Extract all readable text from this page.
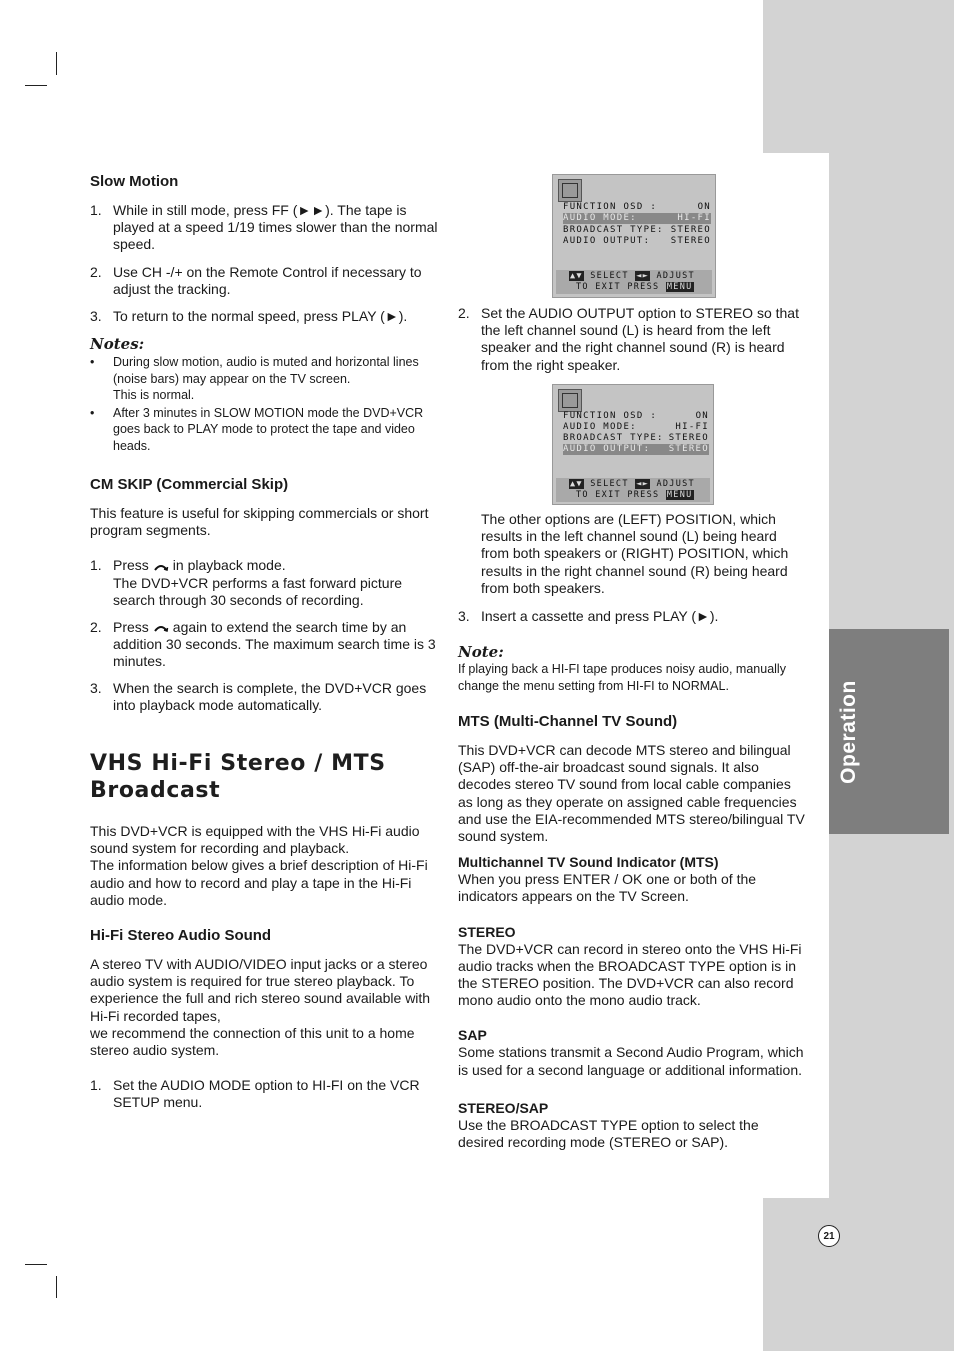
Operation
21
Slow Motion
1. While in still mode, press FF (►►). The tape is played at a speed 1/19 times slower than the normal speed.
2. Use CH -/+ on the Remote Control if necessary to adjust the tracking.
3. To return to the normal speed, press PLAY (►).
Notes:
• During slow motion, audio is muted and horizontal lines (noise bars) may appear on the TV screen.
This is normal.
• After 3 minutes in SLOW MOTION mode the DVD+VCR goes back to PLAY mode to protect the tape and video heads.
CM SKIP (Commercial Skip)

This feature is useful for skipping commercials or short program segments.

1. Press in playback mode.
The DVD+VCR performs a fast forward picture search through 30 seconds of recording.
2. Press again to extend the search time by an addition 30 seconds. The maximum search time is 3 minutes.
3. When the search is complete, the DVD+VCR goes into playback mode automatically.
VHS Hi-Fi Stereo / MTS
Broadcast

This DVD+VCR is equipped with the VHS Hi-Fi audio sound system for recording and playback.

The information below gives a brief description of Hi-Fi audio and how to record and play a tape in the Hi-Fi audio mode.

Hi-Fi Stereo Audio Sound

A stereo TV with AUDIO/VIDEO input jacks or a stereo audio system is required for true stereo playback. To experience the full and rich stereo sound available with Hi-Fi recorded tapes,

we recommend the connection of this unit to a home stereo audio system.

1. Set the AUDIO MODE option to HI-FI on the VCR SETUP menu.
FUNCTION OSD :	ON
AUDIO MODE:	HI-FI
BROADCAST TYPE: STEREO
AUDIO OUTPUT: STEREO
▲▼ SELECT ◄► ADJUST
TO EXIT PRESS MENU
2. Set the AUDIO OUTPUT option to STEREO so that the left channel sound (L) is heard from the left speaker and the right channel sound (R) is heard from the right speaker.
FUNCTION OSD :	ON
AUDIO MODE:	HI-FI
BROADCAST TYPE: STEREO
AUDIO OUTPUT: STEREO
▲▼ SELECT ◄► ADJUST
TO EXIT PRESS MENU

The other options are (LEFT) POSITION, which results in the left channel sound (L) being heard from both speakers or (RIGHT) POSITION, which results in the right channel sound (R) being heard from both speakers.

3. Insert a cassette and press PLAY (►).
Note:

If playing back a HI-FI tape produces noisy audio, manually change the menu setting from HI-FI to NORMAL.

MTS (Multi-Channel TV Sound)

This DVD+VCR can decode MTS stereo and bilingual (SAP) off-the-air broadcast sound signals. It also decodes stereo TV sound from local cable companies as long as they operate on assigned cable frequencies and use the EIA-recommended MTS stereo/bilingual TV sound system.

Multichannel TV Sound Indicator (MTS)

When you press ENTER / OK one or both of the indicators appears on the TV Screen.

STEREO

The DVD+VCR can record in stereo onto the VHS Hi-Fi audio tracks when the BROADCAST TYPE option is in the STEREO position. The DVD+VCR can also record mono audio onto the mono audio track.

SAP

Some stations transmit a Second Audio Program, which is used for a second language or additional information.

STEREO/SAP

Use the BROADCAST TYPE option to select the desired recording mode (STEREO or SAP).
